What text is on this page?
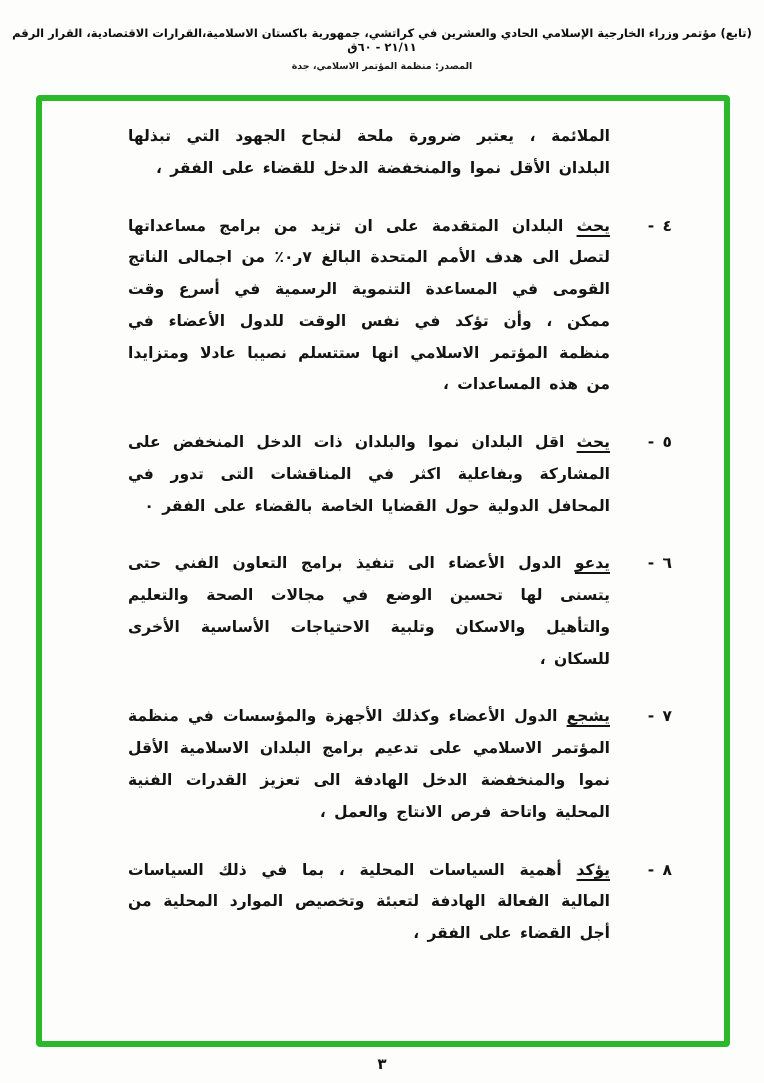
(تابع) مؤتمر وزراء الخارجية الإسلامي الحادي والعشرين في كراتشي، جمهورية باكستان الاسلامية،القرارات الاقتصادية، القرار الرقم ٢١/١١ - ٦٠ق
المصدر: منظمة المؤتمر الاسلامي، جدة

الملائمة ، يعتبر ضرورة ملحة لنجاح الجهود التي تبذلها البلدان الأقل نموا والمنخفضة الدخل للقضاء على الفقر ،

٤ -

يحث البلدان المتقدمة على ان تزيد من برامج مساعداتها لتصل الى هدف الأمم المتحدة البالغ ٧ر٠٪ من اجمالى الناتج القومى في المساعدة التنموية الرسمية في أسرع وقت ممكن ، وأن تؤكد في نفس الوقت للدول الأعضاء في منظمة المؤتمر الاسلامي انها ستتسلم نصيبا عادلا ومتزايدا من هذه المساعدات ،

٥ -

يحث اقل البلدان نموا والبلدان ذات الدخل المنخفض على المشاركة وبفاعلية اكثر في المناقشات التى تدور في المحافل الدولية حول القضايا الخاصة بالقضاء على الفقر ٠

٦ -

يدعو الدول الأعضاء الى تنفيذ برامج التعاون الفني حتى يتسنى لها تحسين الوضع في مجالات الصحة والتعليم والتأهيل والاسكان وتلبية الاحتياجات الأساسية الأخرى للسكان ،

٧ -

يشجع الدول الأعضاء وكذلك الأجهزة والمؤسسات في منظمة المؤتمر الاسلامي على تدعيم برامج البلدان الاسلامية الأقل نموا والمنخفضة الدخل الهادفة الى تعزيز القدرات الفنية المحلية واتاحة فرص الانتاج والعمل ،

٨ -

يؤكد أهمية السياسات المحلية ، بما في ذلك السياسات المالية الفعالة الهادفة لتعبئة وتخصيص الموارد المحلية من أجل القضاء على الفقر ،

٣
